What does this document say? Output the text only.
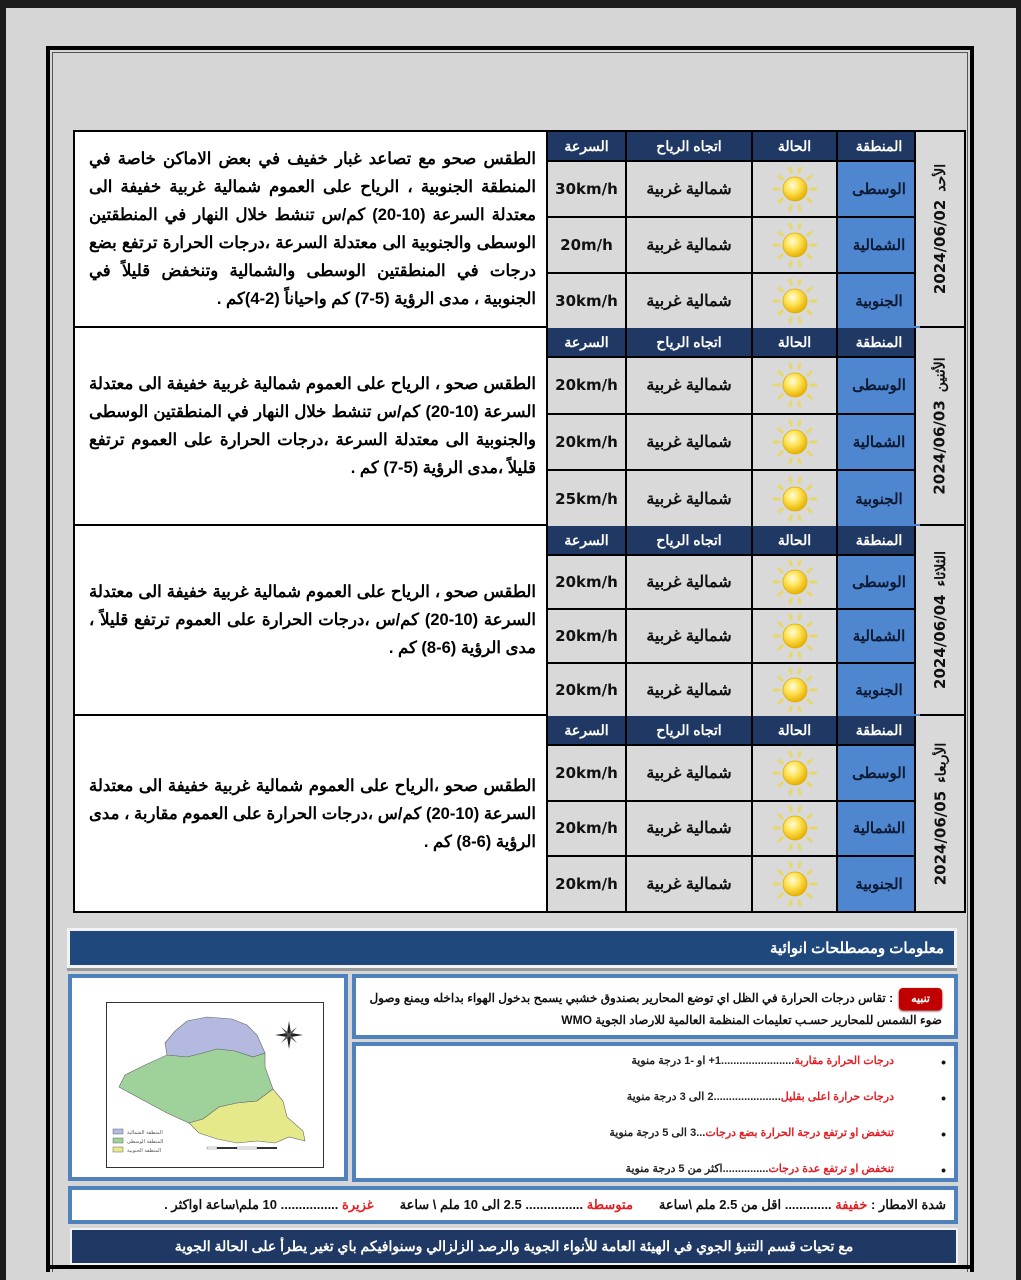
الطقس صحو مع تصاعد غبار خفيف في بعض الاماكن خاصة في المنطقة الجنوبية ، الرياح على العموم شمالية غربية خفيفة الى معتدلة السرعة (10-20) كم/س تنشط خلال النهار في المنطقتين الوسطى والجنوبية الى معتدلة السرعة ،درجات الحرارة ترتفع بضع درجات في المنطقتين الوسطى والشمالية وتنخفض قليلاً في الجنوبية ، مدى الرؤية (5-7) كم واحياناً (2-4)كم .
السرعة	اتجاه الرياح	الحالة	المنطقة
30km/h	شمالية غربية	الوسطى
20m/h	شمالية غربية	الشمالية
30km/h	شمالية غربية	الجنوبية
الأحد2024/06/02
الطقس صحو ، الرياح على العموم شمالية غربية خفيفة الى معتدلة السرعة (10-20) كم/س تنشط خلال النهار في المنطقتين الوسطى والجنوبية الى معتدلة السرعة ،درجات الحرارة على العموم ترتفع قليلاً ،مدى الرؤية (5-7) كم .
السرعة	اتجاه الرياح	الحالة	المنطقة
20km/h	شمالية غربية	الوسطى
20km/h	شمالية غربية	الشمالية
25km/h	شمالية غربية	الجنوبية
الأثنين2024/06/03
الطقس صحو ، الرياح على العموم شمالية غربية خفيفة الى معتدلة السرعة (10-20) كم/س ،درجات الحرارة على العموم ترتفع قليلاً ، مدى الرؤية (6-8) كم .
السرعة	اتجاه الرياح	الحالة	المنطقة
20km/h	شمالية غربية	الوسطى
20km/h	شمالية غربية	الشمالية
20km/h	شمالية غربية	الجنوبية
الثلاثاء2024/06/04
الطقس صحو ،الرياح على العموم شمالية غربية خفيفة الى معتدلة السرعة (10-20) كم/س ،درجات الحرارة على العموم مقاربة ، مدى الرؤية (6-8) كم .
السرعة	اتجاه الرياح	الحالة	المنطقة
20km/h	شمالية غربية	الوسطى
20km/h	شمالية غربية	الشمالية
20km/h	شمالية غربية	الجنوبية
الأربعاء2024/06/05
معلومات ومصطلحات انوائية
المنطقة الشمالية
المنطقة الوسطى
المنطقة الجنوبية
تنبيه: تقاس درجات الحرارة في الظل اي توضع المحارير بصندوق خشبي يسمح بدخول الهواء بداخله ويمنع وصول ضوء الشمس للمحارير حسـب تعليمات المنظمة العالمية للارصاد الجوية WMO
• درجات الحرارة مقاربة........................1+ او -1 درجة منوية
• درجات حرارة اعلى بقليل......................2 الى 3 درجة منوية
• تنخفض او ترتفع درجة الحرارة بضع درجات...3 الى 5 درجة منوية
• تنخفض او ترتفع عدة درجات...............اكثر من 5 درجة منوية
شدة الامطار :

خفيفة

............. اقل من 2.5 ملم \ساعة
متوسطة

................ 2.5 الى 10 ملم \ ساعة
غزيرة

................ 10 ملم\ساعة اواكثر .
مع تحيات قسم التنبؤ الجوي في الهيئة العامة للأنواء الجوية والرصد الزلزالي وسنوافيكم باي تغير يطرأ على الحالة الجوية
